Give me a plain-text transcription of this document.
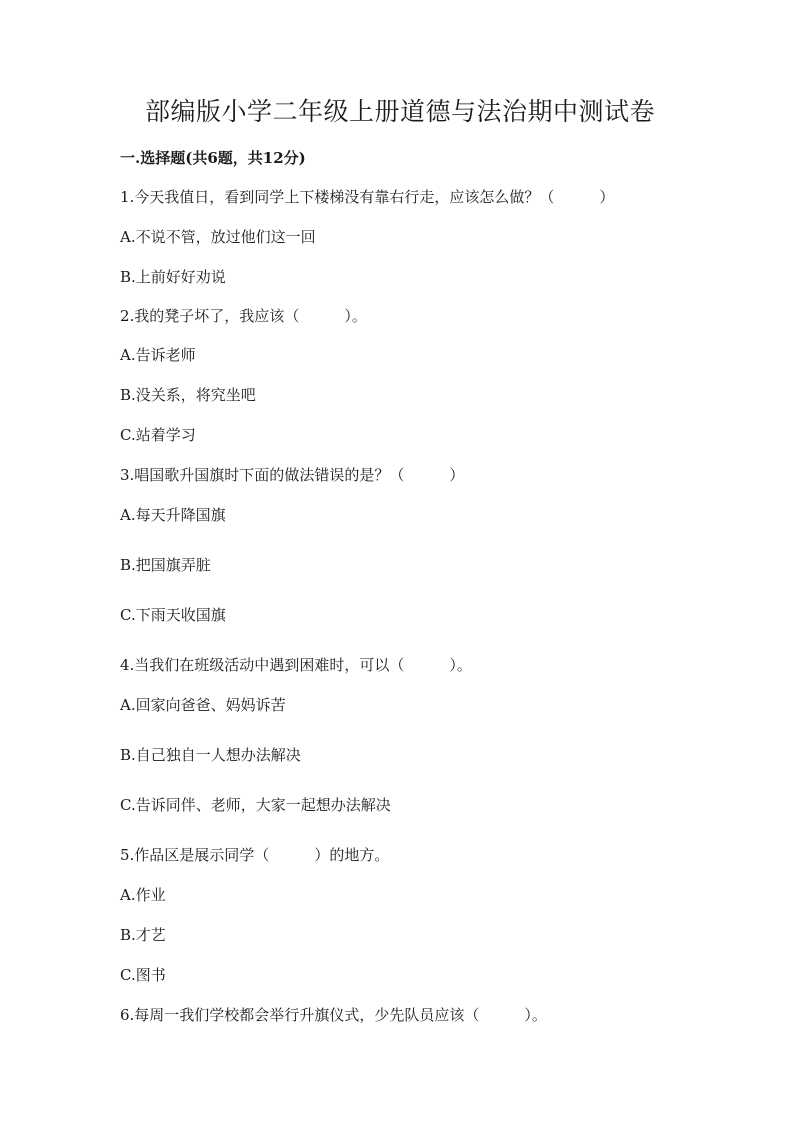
部编版小学二年级上册道德与法治期中测试卷
一.选择题(共6题，共12分)
1.今天我值日，看到同学上下楼梯没有靠右行走，应该怎么做？（　　　）
A.不说不管，放过他们这一回
B.上前好好劝说
2.我的凳子坏了，我应该（　　　）。
A.告诉老师
B.没关系，将究坐吧
C.站着学习
3.唱国歌升国旗时下面的做法错误的是？（　　　）
A.每天升降国旗
B.把国旗弄脏
C.下雨天收国旗
4.当我们在班级活动中遇到困难时，可以（　　　）。
A.回家向爸爸、妈妈诉苦
B.自己独自一人想办法解决
C.告诉同伴、老师，大家一起想办法解决
5.作品区是展示同学（　　　）的地方。
A.作业
B.才艺
C.图书
6.每周一我们学校都会举行升旗仪式，少先队员应该（　　　）。
